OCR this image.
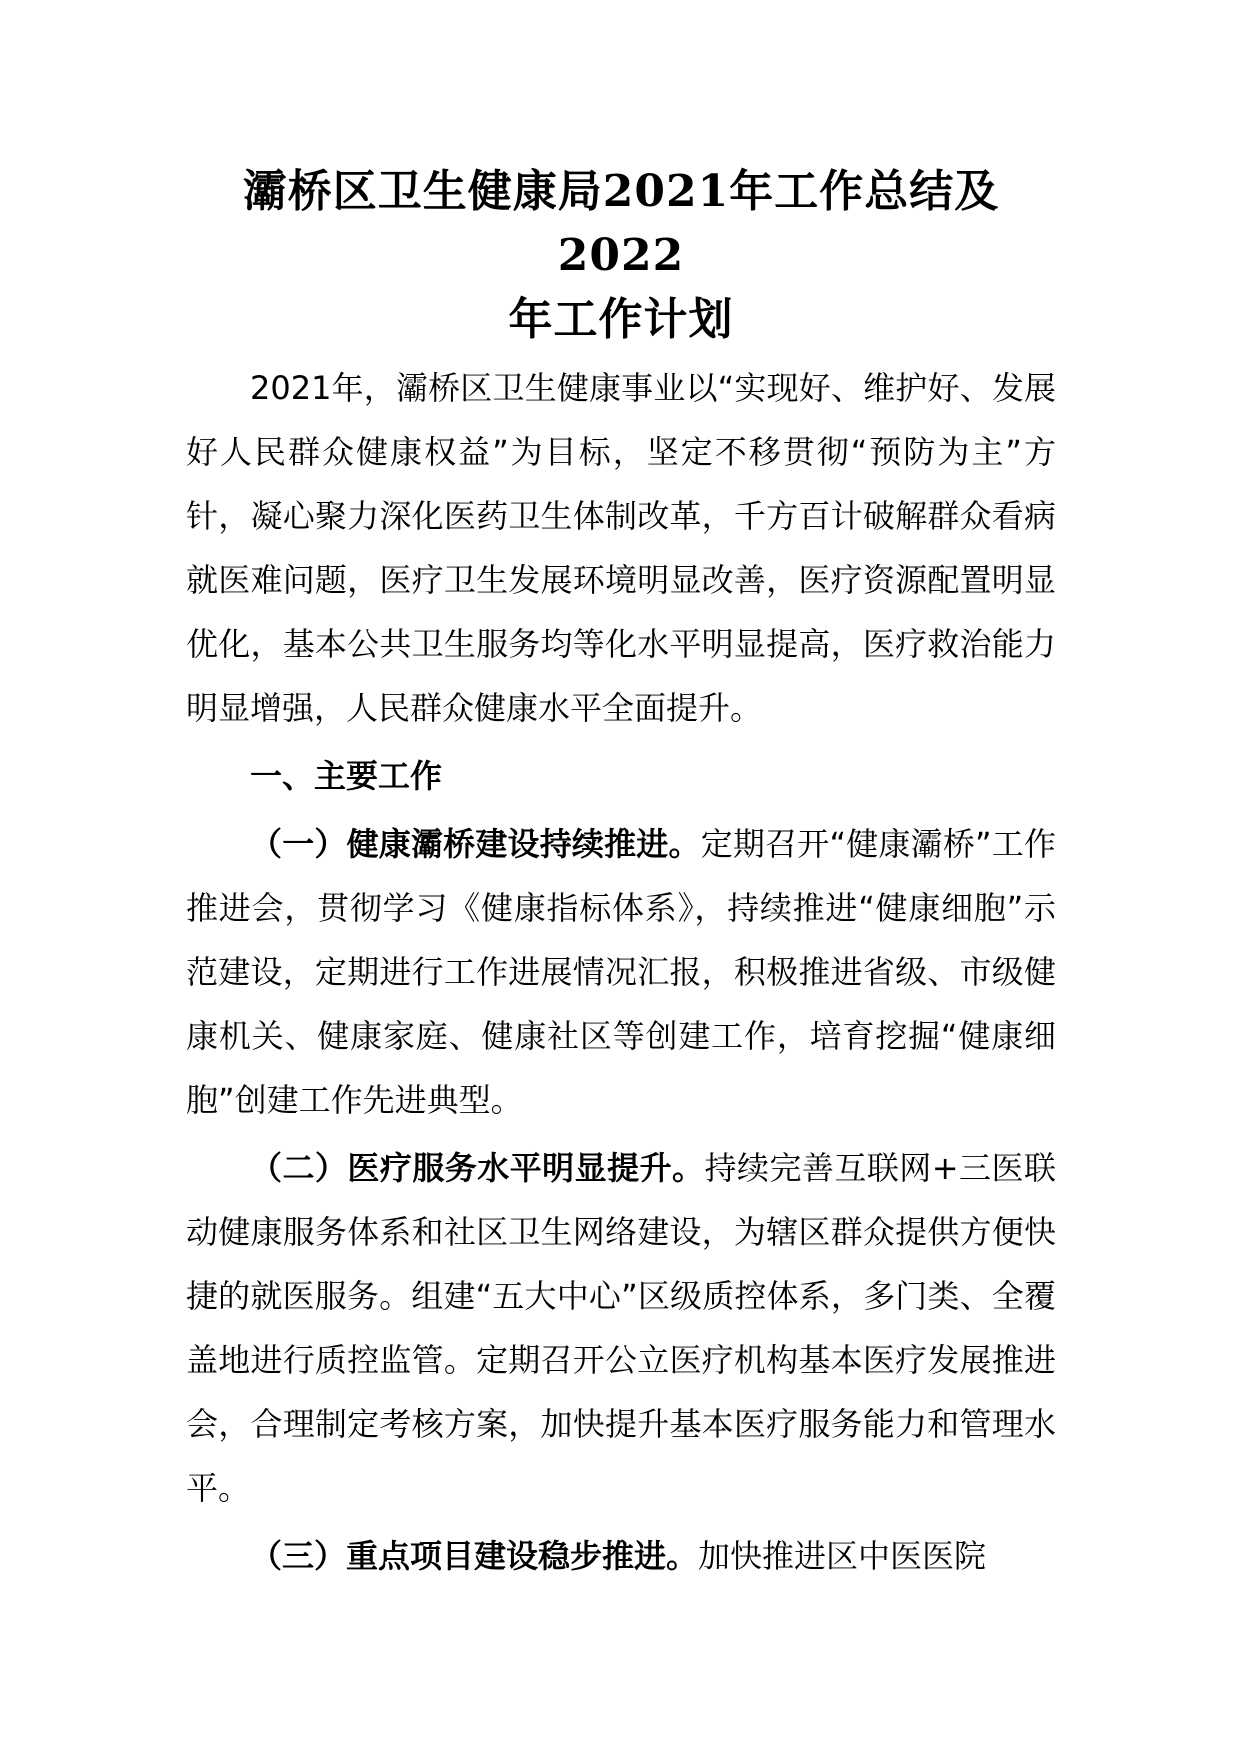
灞桥区卫生健康局2021年工作总结及2022
年工作计划

2021年，灞桥区卫生健康事业以“实现好、维护好、发展好人民群众健康权益”为目标，坚定不移贯彻“预防为主”方针，凝心聚力深化医药卫生体制改革，千方百计破解群众看病就医难问题，医疗卫生发展环境明显改善，医疗资源配置明显优化，基本公共卫生服务均等化水平明显提高，医疗救治能力明显增强，人民群众健康水平全面提升。

一、主要工作

（一）健康灞桥建设持续推进。定期召开“健康灞桥”工作推进会，贯彻学习《健康指标体系》，持续推进“健康细胞”示范建设，定期进行工作进展情况汇报，积极推进省级、市级健康机关、健康家庭、健康社区等创建工作，培育挖掘“健康细胞”创建工作先进典型。

（二）医疗服务水平明显提升。持续完善互联网+三医联动健康服务体系和社区卫生网络建设，为辖区群众提供方便快捷的就医服务。组建“五大中心”区级质控体系，多门类、全覆盖地进行质控监管。定期召开公立医疗机构基本医疗发展推进会，合理制定考核方案，加快提升基本医疗服务能力和管理水平。

（三）重点项目建设稳步推进。加快推进区中医医院
